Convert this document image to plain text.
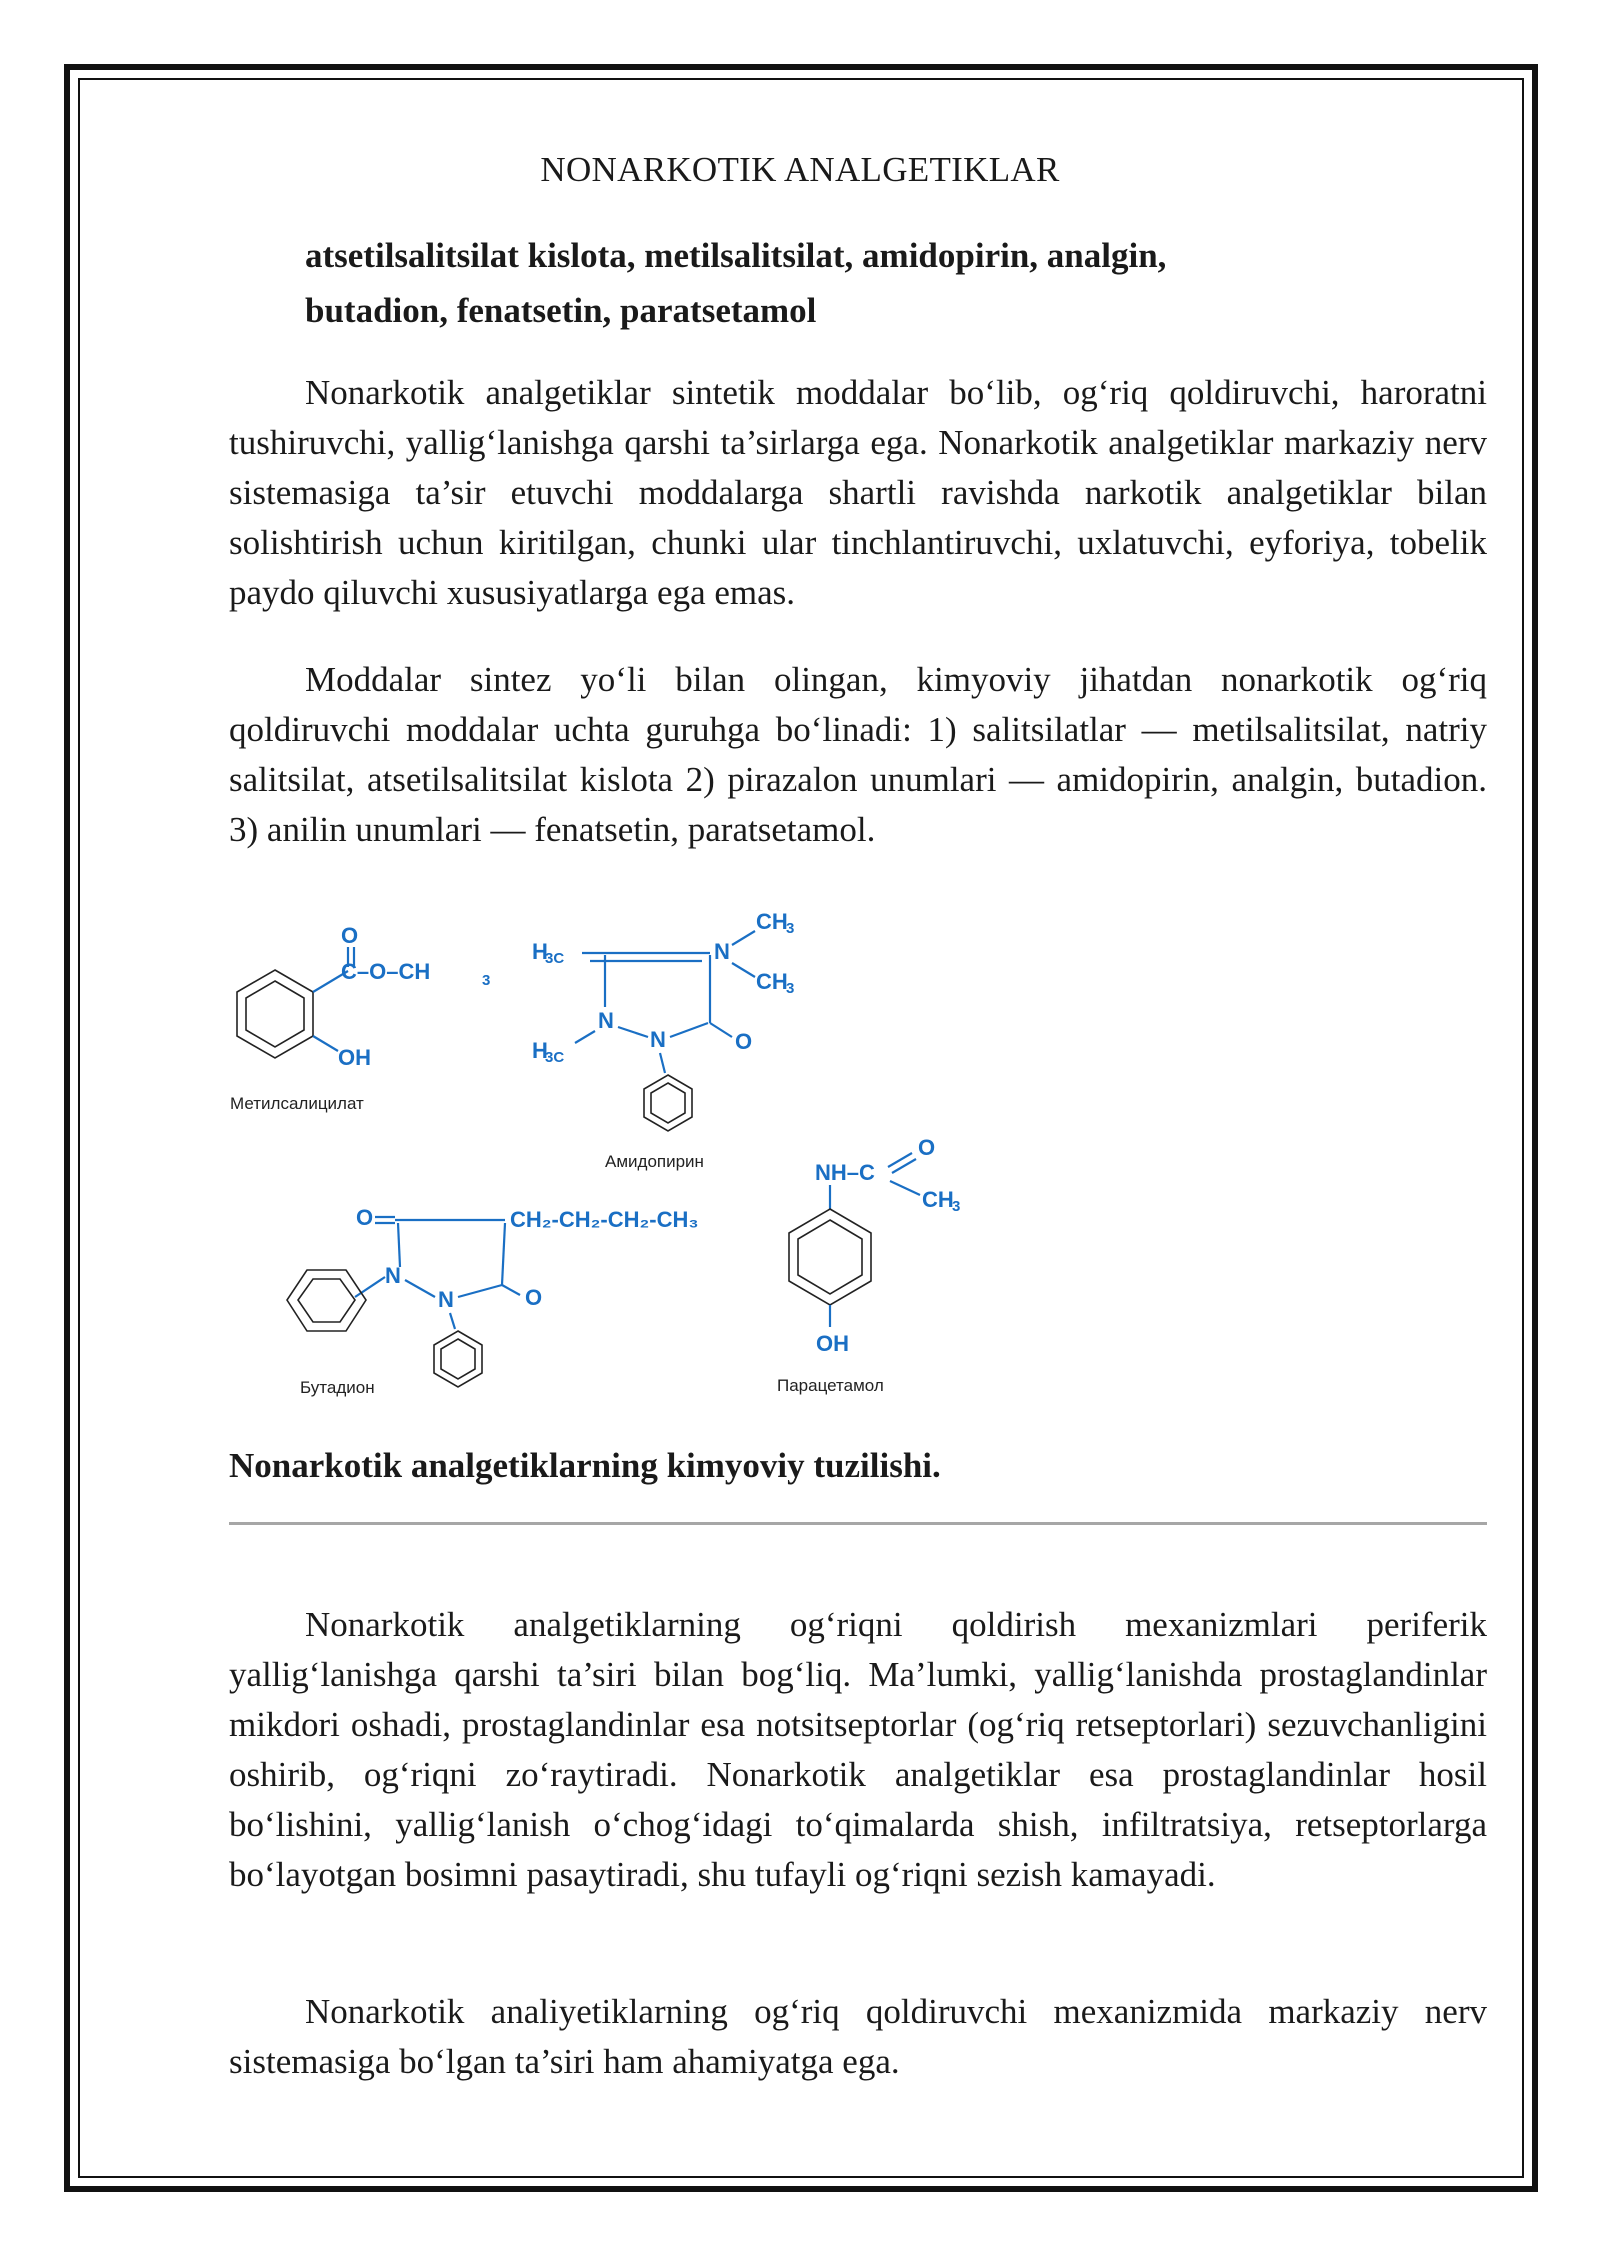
NONARKOTIK ANALGETIKLAR
atsetilsalitsilat kislota, metilsalitsilat, amidopirin, analgin,
butadion, fenatsetin, paratsetamol

Nonarkotik analgetiklar sintetik moddalar bo‘lib, og‘riq qoldiruvchi, haroratni tushiruvchi, yallig‘lanishga qarshi ta’sirlarga ega. Nonarkotik analgetiklar markaziy nerv sistemasiga ta’sir etuvchi moddalarga shartli ravishda narkotik analgetiklar bilan solishtirish uchun kiritilgan, chunki ular tinchlantiruvchi, uxlatuvchi, eyforiya, tobelik paydo qiluvchi xususiyatlarga ega emas.

Moddalar sintez yo‘li bilan olingan, kimyoviy jihatdan nonarkotik og‘riq qoldiruvchi moddalar uchta guruhga bo‘linadi: 1) salitsilatlar — metilsalitsilat, natriy salitsilat, atsetilsalitsilat kislota 2) pirazalon unumlari — amidopirin, analgin, butadion. 3) anilin unumlari — fenatsetin, paratsetamol.

O
C–O–CH	3
OH
Метилсалицилат
H
3C	N
CH
3
CH
3
N
N	O
H
3C
Амидопирин
O	CH₂-CH₂-CH₂-CH₃
N
N	O
Бутадион
NH–C
O
CH
3
OH
Парацетамол

Nonarkotik analgetiklarning kimyoviy tuzilishi.

Nonarkotik analgetiklarning og‘riqni qoldirish mexanizmlari periferik yallig‘lanishga qarshi ta’siri bilan bog‘liq. Ma’lumki, yallig‘lanishda prostaglandinlar mikdori oshadi, prostaglandinlar esa notsitseptorlar (og‘riq retseptorlari) sezuvchanligini oshirib, og‘riqni zo‘raytiradi. Nonarkotik analgetiklar esa prostaglandinlar hosil bo‘lishini, yallig‘lanish o‘chog‘idagi to‘qimalarda shish, infiltratsiya, retseptorlarga bo‘layotgan bosimni pasaytiradi, shu tufayli og‘riqni sezish kamayadi.

Nonarkotik analiyetiklarning og‘riq qoldiruvchi mexanizmida markaziy nerv sistemasiga bo‘lgan ta’siri ham ahamiyatga ega.
